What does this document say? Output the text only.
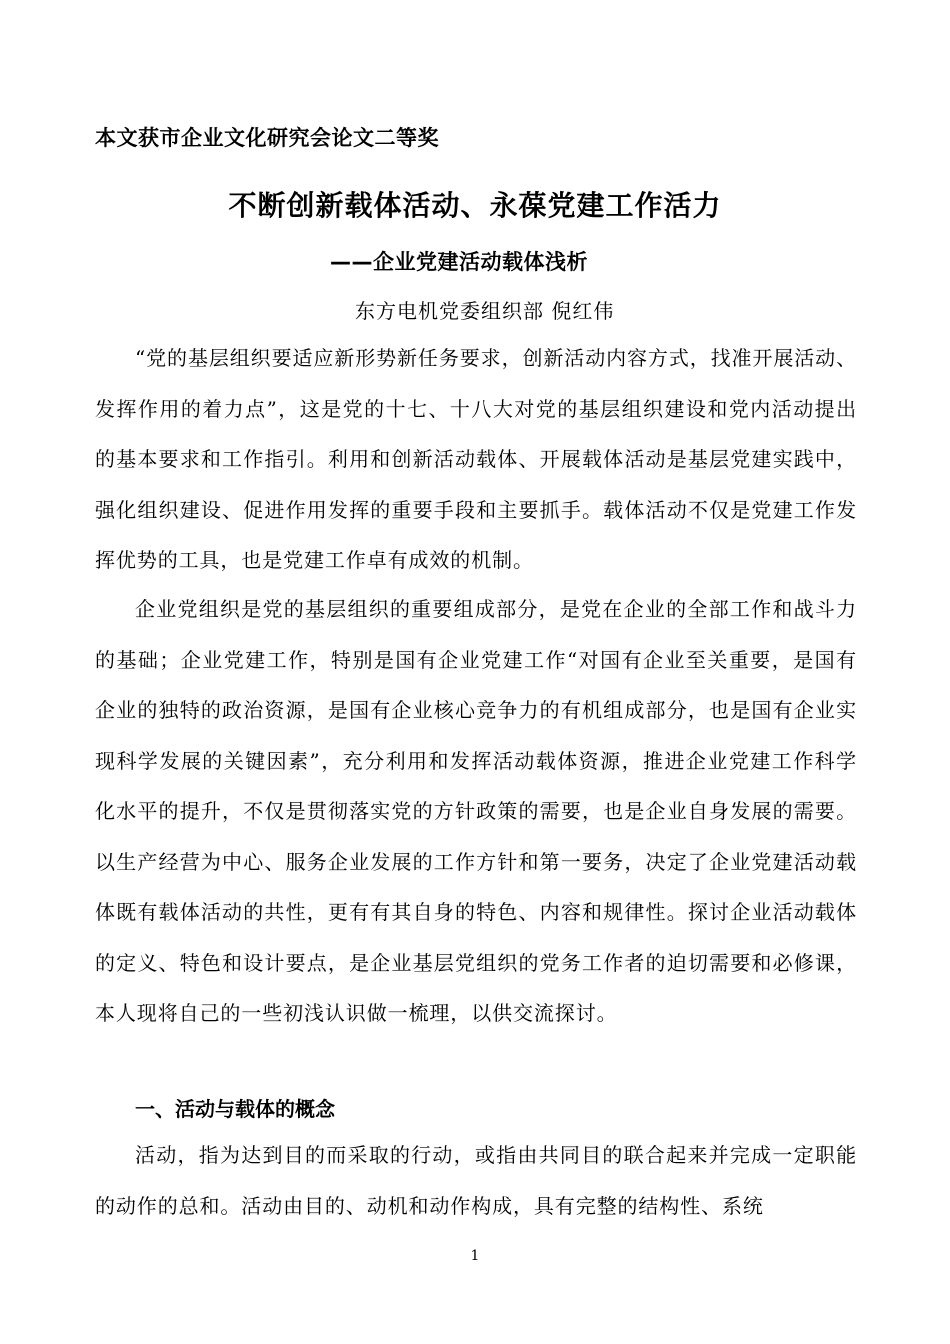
本文获市企业文化研究会论文二等奖
不断创新载体活动、永葆党建工作活力
——企业党建活动载体浅析
东方电机党委组织部 倪红伟

“党的基层组织要适应新形势新任务要求，创新活动内容方式，找准开展活动、发挥作用的着力点”，这是党的十七、十八大对党的基层组织建设和党内活动提出的基本要求和工作指引。利用和创新活动载体、开展载体活动是基层党建实践中，强化组织建设、促进作用发挥的重要手段和主要抓手。载体活动不仅是党建工作发挥优势的工具，也是党建工作卓有成效的机制。

企业党组织是党的基层组织的重要组成部分，是党在企业的全部工作和战斗力的基础；企业党建工作，特别是国有企业党建工作“对国有企业至关重要，是国有企业的独特的政治资源，是国有企业核心竞争力的有机组成部分，也是国有企业实现科学发展的关键因素”，充分利用和发挥活动载体资源，推进企业党建工作科学化水平的提升，不仅是贯彻落实党的方针政策的需要，也是企业自身发展的需要。以生产经营为中心、服务企业发展的工作方针和第一要务，决定了企业党建活动载体既有载体活动的共性，更有有其自身的特色、内容和规律性。探讨企业活动载体的定义、特色和设计要点，是企业基层党组织的党务工作者的迫切需要和必修课，本人现将自己的一些初浅认识做一梳理，以供交流探讨。

一、活动与载体的概念

活动，指为达到目的而采取的行动，或指由共同目的联合起来并完成一定职能的动作的总和。活动由目的、动机和动作构成，具有完整的结构性、系统

1
